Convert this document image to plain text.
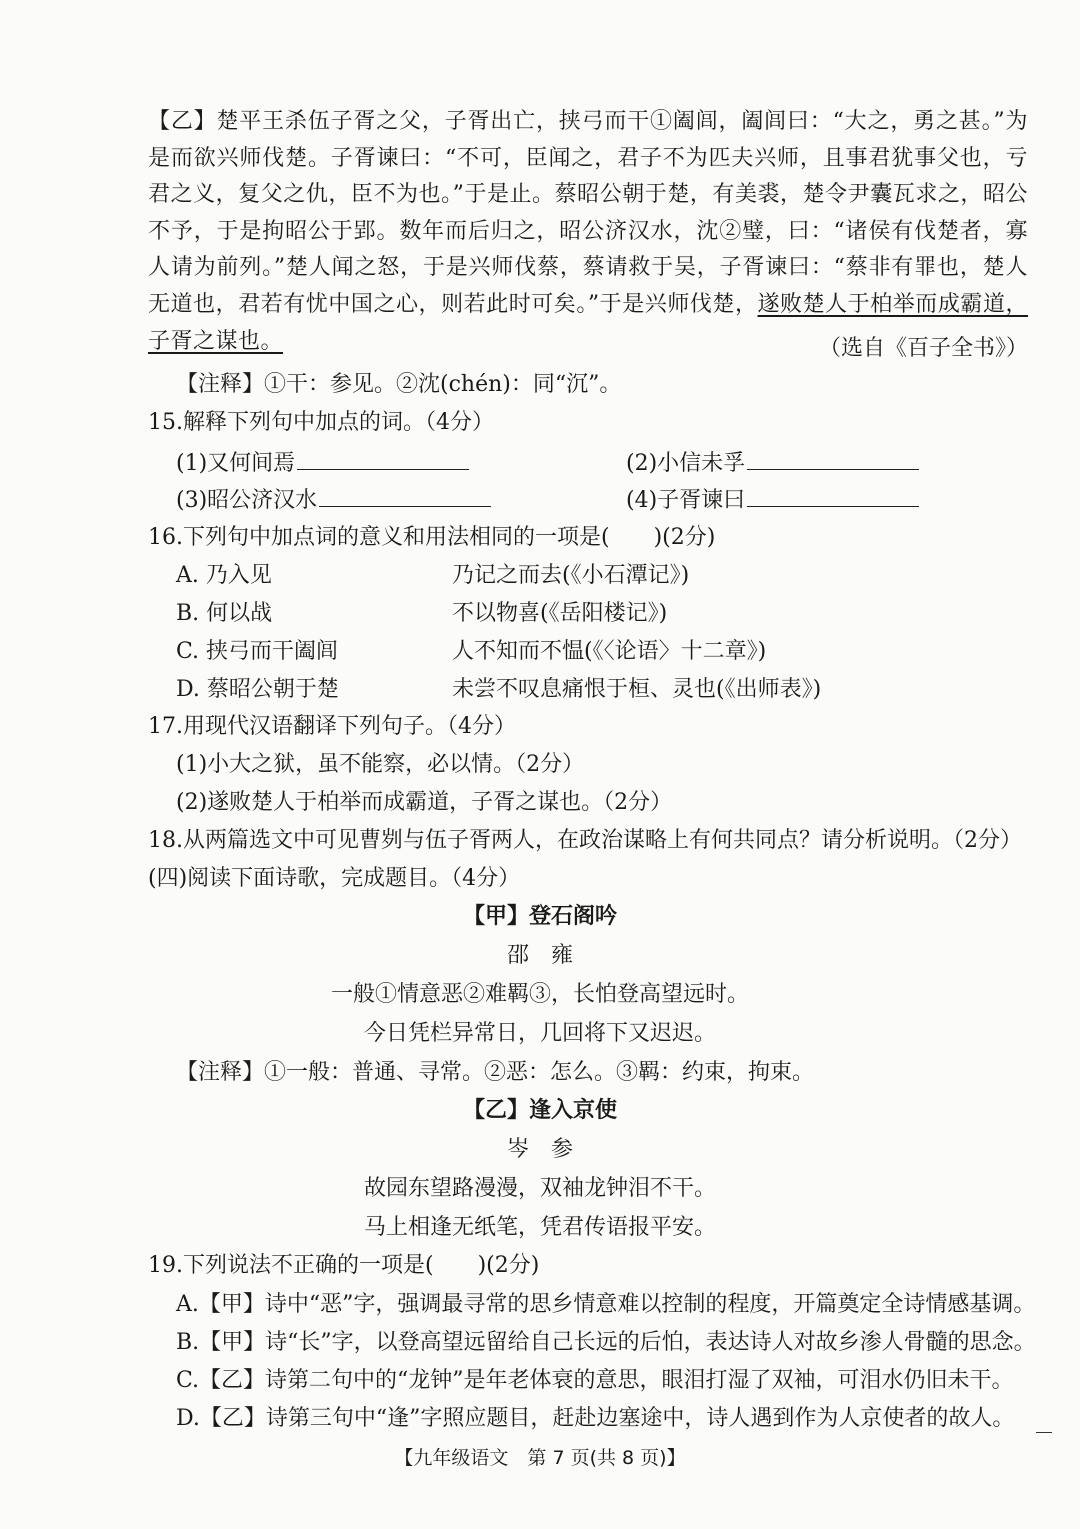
【乙】楚平王杀伍子胥之父，子胥出亡，挟弓而干①阖闾，阖闾曰：“大之，勇之甚。”为是而欲兴师伐楚。子胥谏曰：“不可，臣闻之，君子不为匹夫兴师，且事君犹事父也，亏君之义，复父之仇，臣不为也。”于是止。蔡昭公朝于楚，有美裘，楚令尹囊瓦求之，昭公不予，于是拘昭公于郢。数年而后归之，昭公济汉水，沈②璧，曰：“诸侯有伐楚者，寡人请为前列。”楚人闻之怒，于是兴师伐蔡，蔡请救于吴，子胥谏曰：“蔡非有罪也，楚人无道也，君若有忧中国之心，则若此时可矣。”于是兴师伐楚，遂败楚人于柏举而成霸道，子胥之谋也。	（选自《百子全书》）
【注释】①干：参见。②沈(chén)：同“沉”。
15.解释下列句中加点的词。（4分）
(1)又何间焉	(2)小信未孚
(3)昭公济汉水	(4)子胥谏曰
16.下列句中加点词的意义和用法相同的一项是(　　)(2分)
A. 乃入见	乃记之而去(《小石潭记》)
B. 何以战	不以物喜(《岳阳楼记》)
C. 挟弓而干阖闾	人不知而不愠(《〈论语〉十二章》)
D. 蔡昭公朝于楚	未尝不叹息痛恨于桓、灵也(《出师表》)
17.用现代汉语翻译下列句子。（4分）
(1)小大之狱，虽不能察，必以情。（2分）
(2)遂败楚人于柏举而成霸道，子胥之谋也。（2分）
18.从两篇选文中可见曹刿与伍子胥两人，在政治谋略上有何共同点？请分析说明。（2分）
(四)阅读下面诗歌，完成题目。（4分）
【甲】登石阁吟
邵　雍
一般①情意恶②难羁③，长怕登高望远时。
今日凭栏异常日，几回将下又迟迟。
【注释】①一般：普通、寻常。②恶：怎么。③羁：约束，拘束。
【乙】逢入京使
岑　参
故园东望路漫漫，双袖龙钟泪不干。
马上相逢无纸笔，凭君传语报平安。
19.下列说法不正确的一项是(　　)(2分)
A.【甲】诗中“恶”字，强调最寻常的思乡情意难以控制的程度，开篇奠定全诗情感基调。
B.【甲】诗“长”字，以登高望远留给自己长远的后怕，表达诗人对故乡渗人骨髓的思念。
C.【乙】诗第二句中的“龙钟”是年老体衰的意思，眼泪打湿了双袖，可泪水仍旧未干。
D.【乙】诗第三句中“逢”字照应题目，赶赴边塞途中，诗人遇到作为人京使者的故人。
【九年级语文　第 7 页(共 8 页)】
